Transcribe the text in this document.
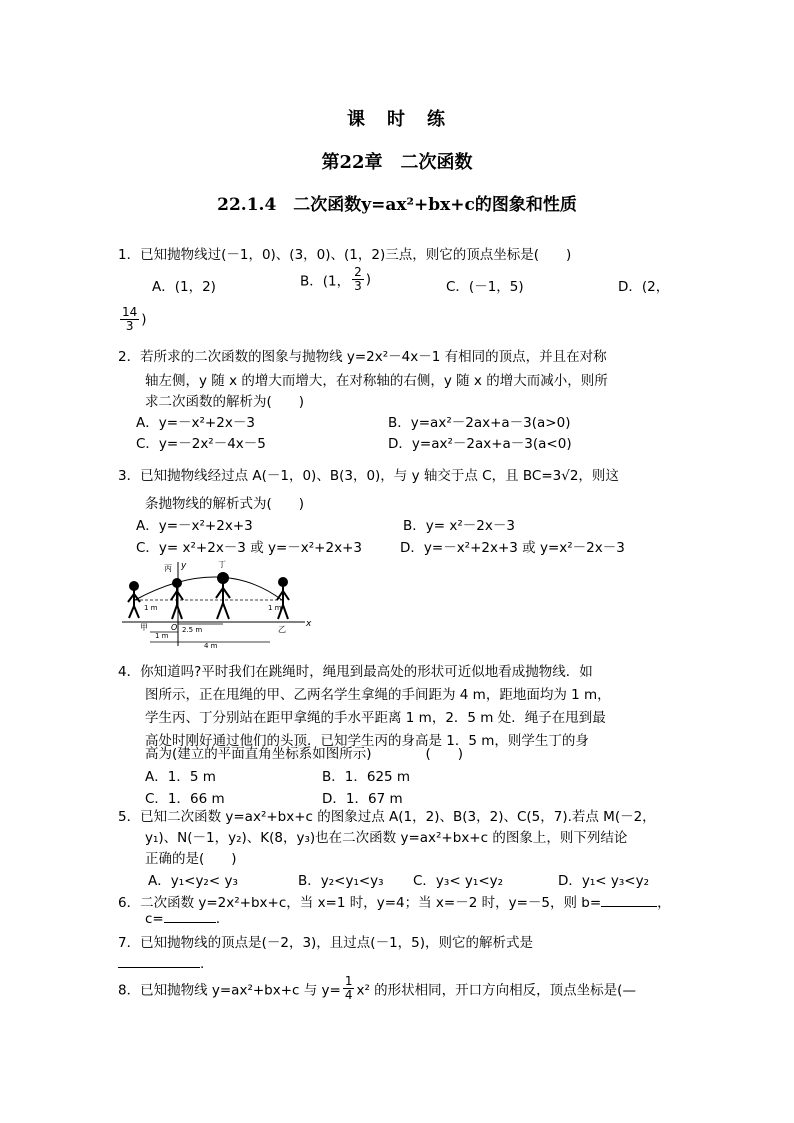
课　时　练
第22章　二次函数
22.1.4　二次函数y=ax²+bx+c的图象和性质
1．已知抛物线过(－1，0)、(3，0)、(1，2)三点，则它的顶点坐标是(　　)
A．(1，2)	B．(1， $\frac{2}{3}$ )	C．(－1，5)	D．(2，
$\frac{14}{3}$ )
2．若所求的二次函数的图象与抛物线 y=2x²－4x－1 有相同的顶点，并且在对称
轴左侧，y 随 x 的增大而增大，在对称轴的右侧，y 随 x 的增大而减小，则所
求二次函数的解析为(　　)
A．y=－x²+2x－3	B．y=ax²－2ax+a－3(a>0)
C．y=－2x²－4x－5	D．y=ax²－2ax+a－3(a<0)
3．已知抛物线经过点 A(－1，0)、B(3，0)，与 y 轴交于点 C，且 BC=3√2，则这
条抛物线的解析式为(　　)
A．y=－x²+2x+3	B．y= x²－2x－3
C．y= x²+2x－3 或 y=－x²+2x+3	D．y=－x²+2x+3 或 y=x²－2x－3
x
y
丙	丁
甲	乙
O
1 m	1 m
1 m
2.5 m
4 m
4．你知道吗?平时我们在跳绳时，绳甩到最高处的形状可近似地看成抛物线．如
图所示，正在甩绳的甲、乙两名学生拿绳的手间距为 4 m，距地面均为 1 m，
学生丙、丁分别站在距甲拿绳的手水平距离 1 m，2．5 m 处．绳子在甩到最
高处时刚好通过他们的头顶．已知学生丙的身高是 1．5 m，则学生丁的身
高为(建立的平面直角坐标系如图所示)　　　　(　　)
A．1．5 m	B．1．625 m
C．1．66 m	D．1．67 m
5．已知二次函数 y=ax²+bx+c 的图象过点 A(1，2)、B(3，2)、C(5，7).若点 M(－2，
y₁)、N(－1，y₂)、K(8，y₃)也在二次函数 y=ax²+bx+c 的图象上，则下列结论
正确的是(　　)
A．y₁<y₂< y₃	B．y₂<y₁<y₃ C．y₃< y₁<y₂	D．y₁< y₃<y₂
6．二次函数 y=2x²+bx+c，当 x=1 时，y=4；当 x=－2 时，y=－5，则 b=	，
c=	.
7．已知抛物线的顶点是(－2，3)，且过点(－1，5)，则它的解析式是
.
8．已知抛物线 y=ax²+bx+c 与 $y= \frac{1}{4} x^2$ 的形状相同，开口方向相反，顶点坐标是(—
